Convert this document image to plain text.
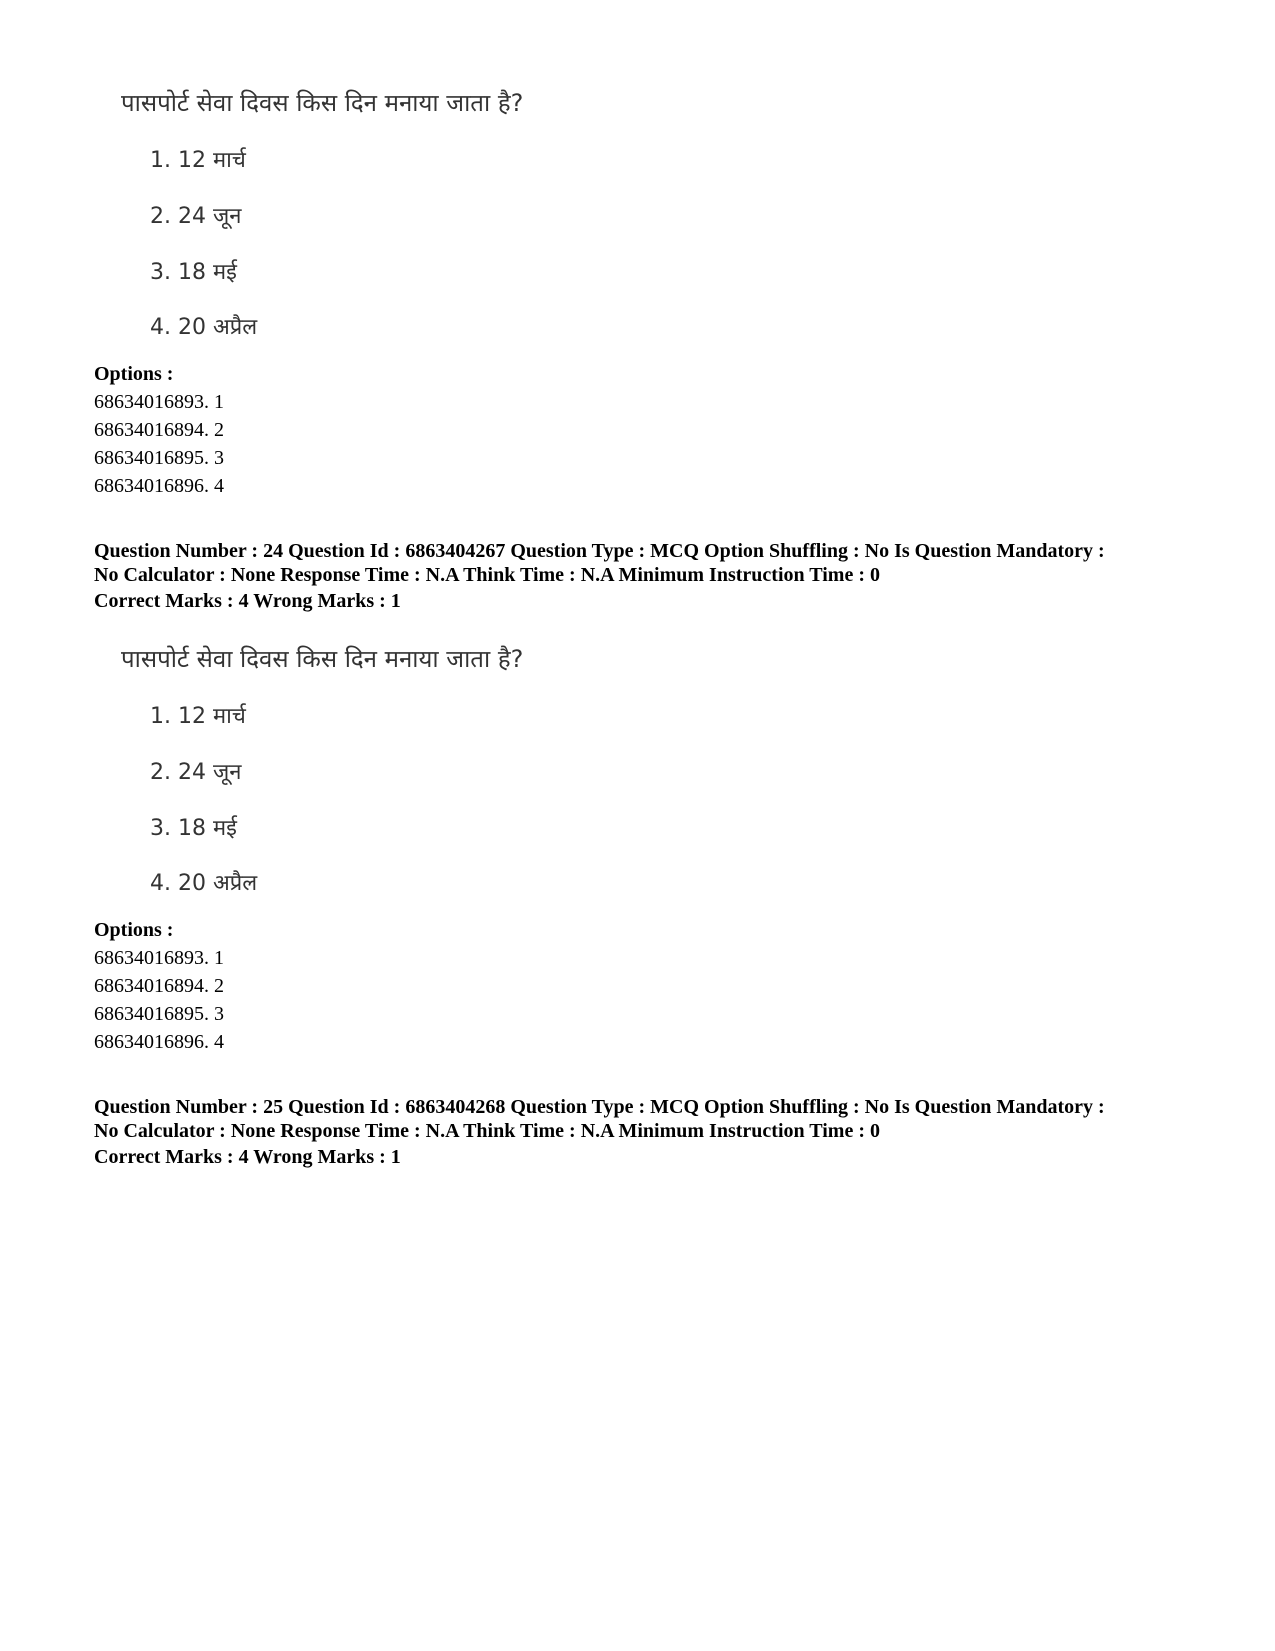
पासपोर्ट सेवा दिवस किस दिन मनाया जाता है?
1. 12 मार्च
2. 24 जून
3. 18 मई
4. 20 अप्रैल
Options :
68634016893. 1
68634016894. 2
68634016895. 3
68634016896. 4
Question Number : 24 Question Id : 6863404267 Question Type : MCQ Option Shuffling : No Is Question Mandatory :
No Calculator : None Response Time : N.A Think Time : N.A Minimum Instruction Time : 0
Correct Marks : 4 Wrong Marks : 1
पासपोर्ट सेवा दिवस किस दिन मनाया जाता है?
1. 12 मार्च
2. 24 जून
3. 18 मई
4. 20 अप्रैल
Options :
68634016893. 1
68634016894. 2
68634016895. 3
68634016896. 4
Question Number : 25 Question Id : 6863404268 Question Type : MCQ Option Shuffling : No Is Question Mandatory :
No Calculator : None Response Time : N.A Think Time : N.A Minimum Instruction Time : 0
Correct Marks : 4 Wrong Marks : 1
